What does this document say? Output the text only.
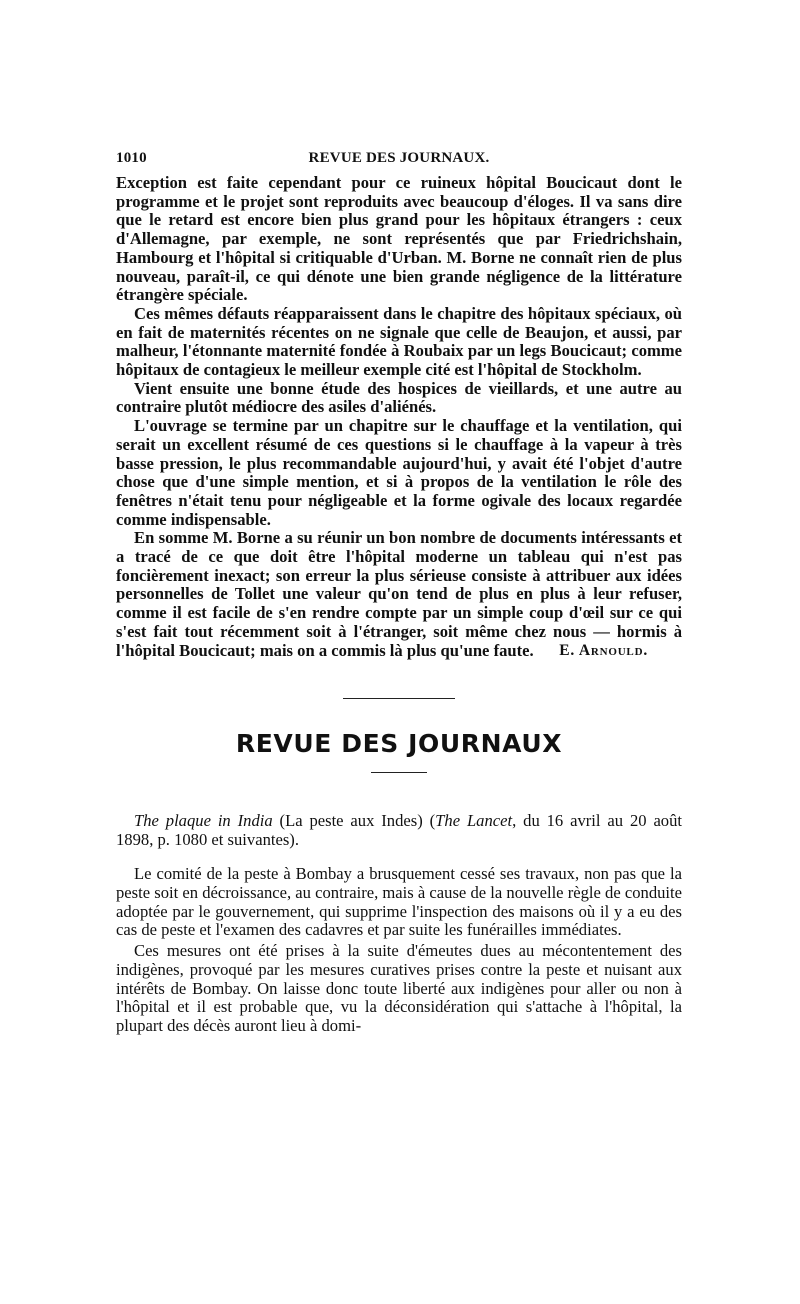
1010	REVUE DES JOURNAUX.

Exception est faite cependant pour ce ruineux hôpital Boucicaut dont le programme et le projet sont reproduits avec beaucoup d'éloges. Il va sans dire que le retard est encore bien plus grand pour les hôpitaux étrangers : ceux d'Allemagne, par exemple, ne sont représentés que par Friedrichshain, Hambourg et l'hôpital si critiquable d'Urban. M. Borne ne connaît rien de plus nouveau, paraît-il, ce qui dénote une bien grande négligence de la littérature étrangère spéciale.

Ces mêmes défauts réapparaissent dans le chapitre des hôpitaux spéciaux, où en fait de maternités récentes on ne signale que celle de Beaujon, et aussi, par malheur, l'étonnante maternité fondée à Roubaix par un legs Boucicaut; comme hôpitaux de contagieux le meilleur exemple cité est l'hôpital de Stockholm.

Vient ensuite une bonne étude des hospices de vieillards, et une autre au contraire plutôt médiocre des asiles d'aliénés.

L'ouvrage se termine par un chapitre sur le chauffage et la ventilation, qui serait un excellent résumé de ces questions si le chauffage à la vapeur à très basse pression, le plus recommandable aujourd'hui, y avait été l'objet d'autre chose que d'une simple mention, et si à propos de la ventilation le rôle des fenêtres n'était tenu pour négligeable et la forme ogivale des locaux regardée comme indispensable.

En somme M. Borne a su réunir un bon nombre de documents intéressants et a tracé de ce que doit être l'hôpital moderne un tableau qui n'est pas foncièrement inexact; son erreur la plus sérieuse consiste à attribuer aux idées personnelles de Tollet une valeur qu'on tend de plus en plus à leur refuser, comme il est facile de s'en rendre compte par un simple coup d'œil sur ce qui s'est fait tout récemment soit à l'étranger, soit même chez nous — hormis à l'hôpital Boucicaut; mais on a commis là plus qu'une faute.	E. Arnould.
REVUE DES JOURNAUX

The plaque in India (La peste aux Indes) (The Lancet, du 16 avril au 20 août 1898, p. 1080 et suivantes).

Le comité de la peste à Bombay a brusquement cessé ses travaux, non pas que la peste soit en décroissance, au contraire, mais à cause de la nouvelle règle de conduite adoptée par le gouvernement, qui supprime l'inspection des maisons où il y a eu des cas de peste et l'examen des cadavres et par suite les funérailles immédiates.

Ces mesures ont été prises à la suite d'émeutes dues au mécontentement des indigènes, provoqué par les mesures curatives prises contre la peste et nuisant aux intérêts de Bombay. On laisse donc toute liberté aux indigènes pour aller ou non à l'hôpital et il est probable que, vu la déconsidération qui s'attache à l'hôpital, la plupart des décès auront lieu à domi-
